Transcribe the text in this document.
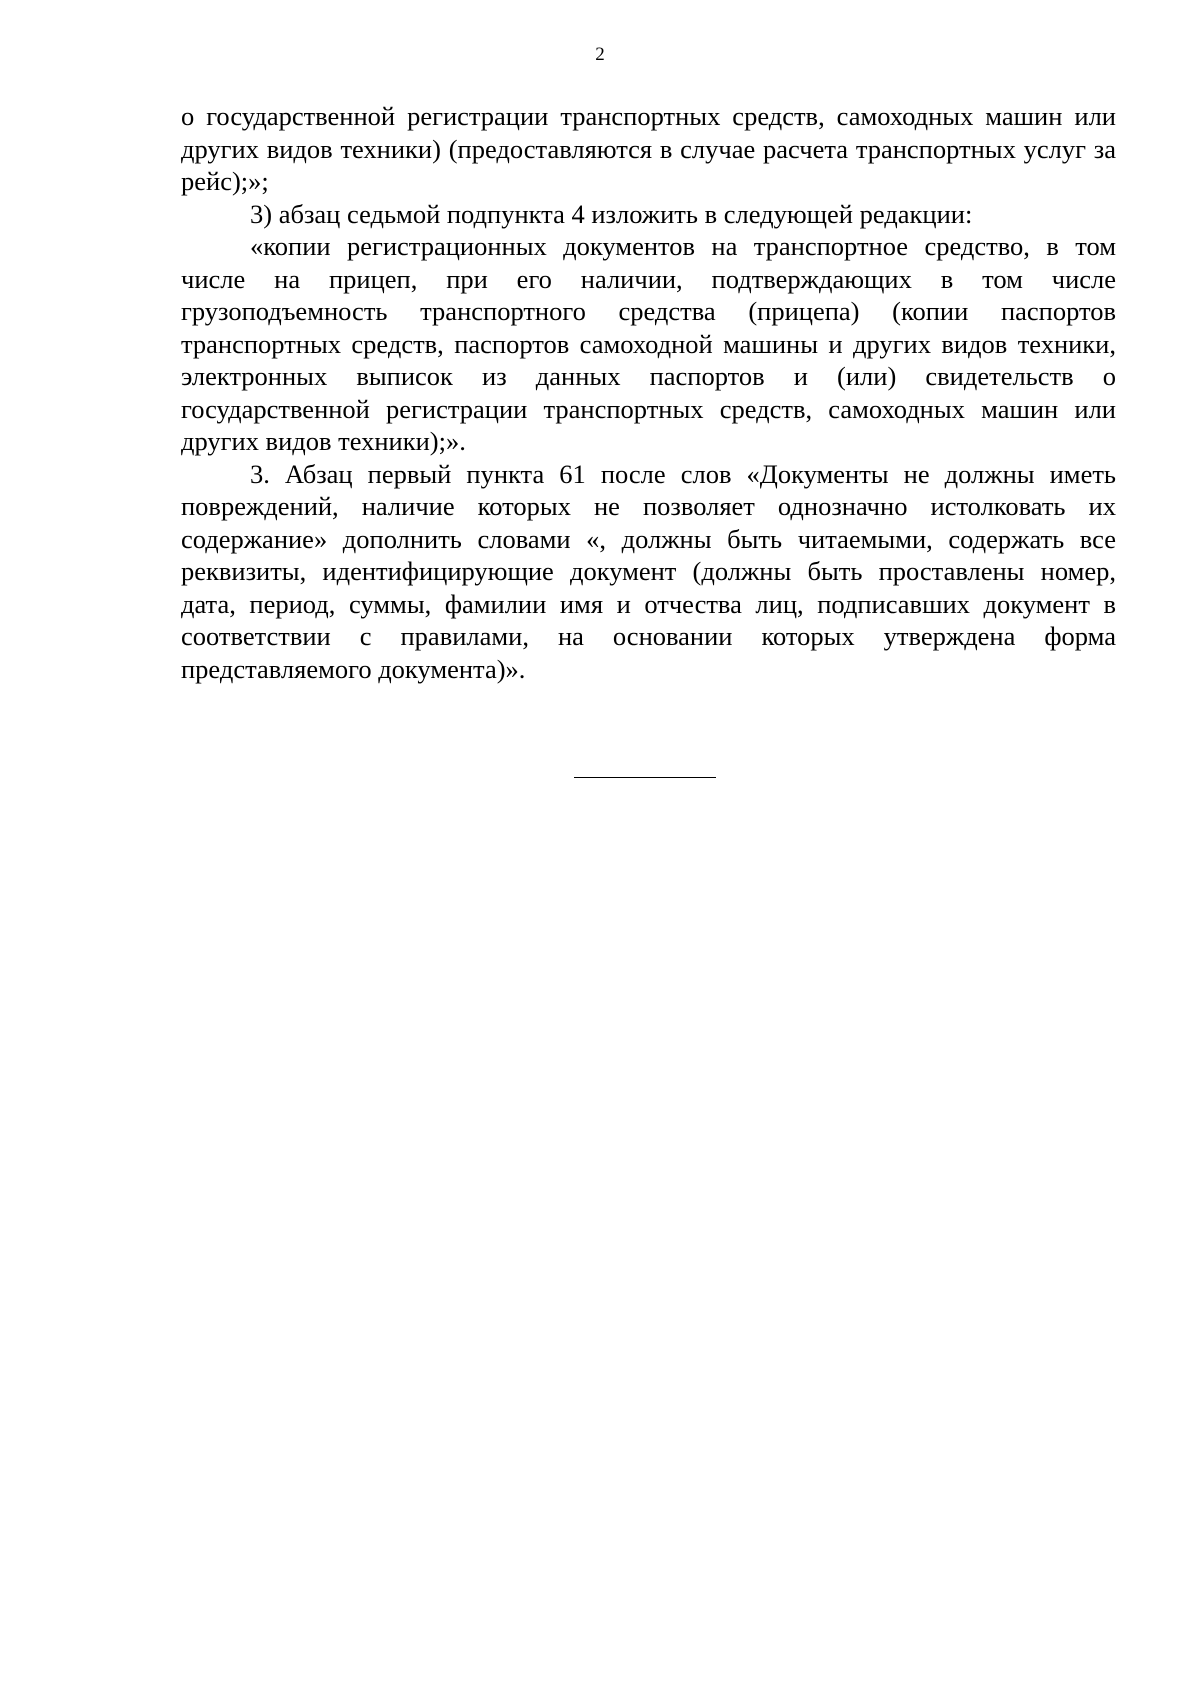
2

о государственной регистрации транспортных средств, самоходных машин или других видов техники) (предоставляются в случае расчета транспортных услуг за рейс);»;

3) абзац седьмой подпункта 4 изложить в следующей редакции:

«копии регистрационных документов на транспортное средство, в том числе на прицеп, при его наличии, подтверждающих в том числе грузоподъемность транспортного средства (прицепа) (копии паспортов транспортных средств, паспортов самоходной машины и других видов техники, электронных выписок из данных паспортов и (или) свидетельств о государственной регистрации транспортных средств, самоходных машин или других видов техники);».

3. Абзац первый пункта 61 после слов «Документы не должны иметь повреждений, наличие которых не позволяет однозначно истолковать их содержание» дополнить словами «, должны быть читаемыми, содержать все реквизиты, идентифицирующие документ (должны быть проставлены номер, дата, период, суммы, фамилии имя и отчества лиц, подписавших документ в соответствии с правилами, на основании которых утверждена форма представляемого документа)».
